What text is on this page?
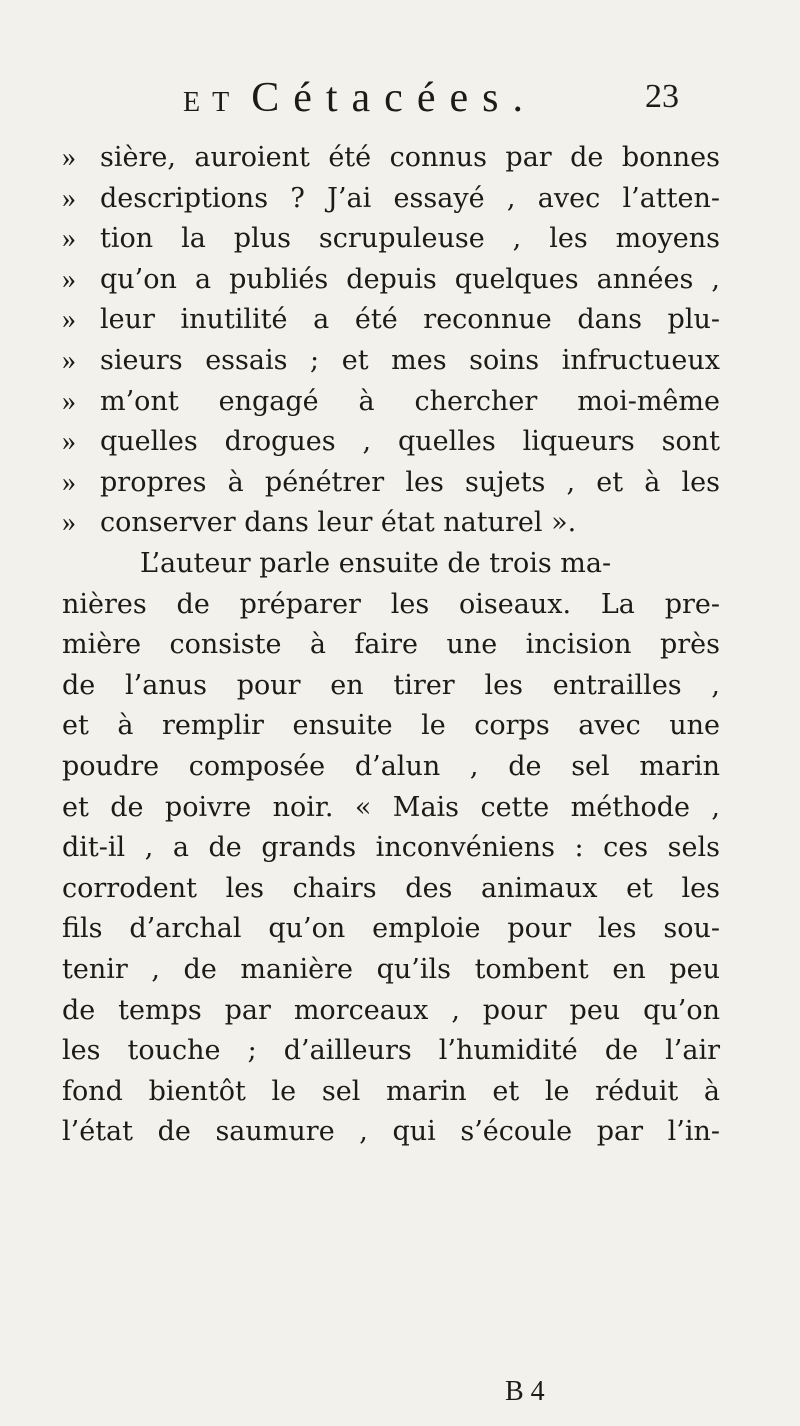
ET Cétacées.	23
» sière, auroient été connus par de bonnes
» descriptions ? J’ai essayé , avec l’atten-
» tion la plus scrupuleuse , les moyens
» qu’on a publiés depuis quelques années ,
» leur inutilité a été reconnue dans plu-
» sieurs essais ; et mes soins infructueux
» m’ont engagé à chercher moi-même
» quelles drogues , quelles liqueurs sont
» propres à pénétrer les sujets , et à les
» conserver dans leur état naturel ».
L’auteur parle ensuite de trois ma-
nières de préparer les oiseaux. La pre-
mière consiste à faire une incision près
de l’anus pour en tirer les entrailles ,
et à remplir ensuite le corps avec une
poudre composée d’alun , de sel marin
et de poivre noir. « Mais cette méthode ,
dit-il , a de grands inconvéniens : ces sels
corrodent les chairs des animaux et les
fils d’archal qu’on emploie pour les sou-
tenir , de manière qu’ils tombent en peu
de temps par morceaux , pour peu qu’on
les touche ; d’ailleurs l’humidité de l’air
fond bientôt le sel marin et le réduit à
l’état de saumure , qui s’écoule par l’in-
B 4
